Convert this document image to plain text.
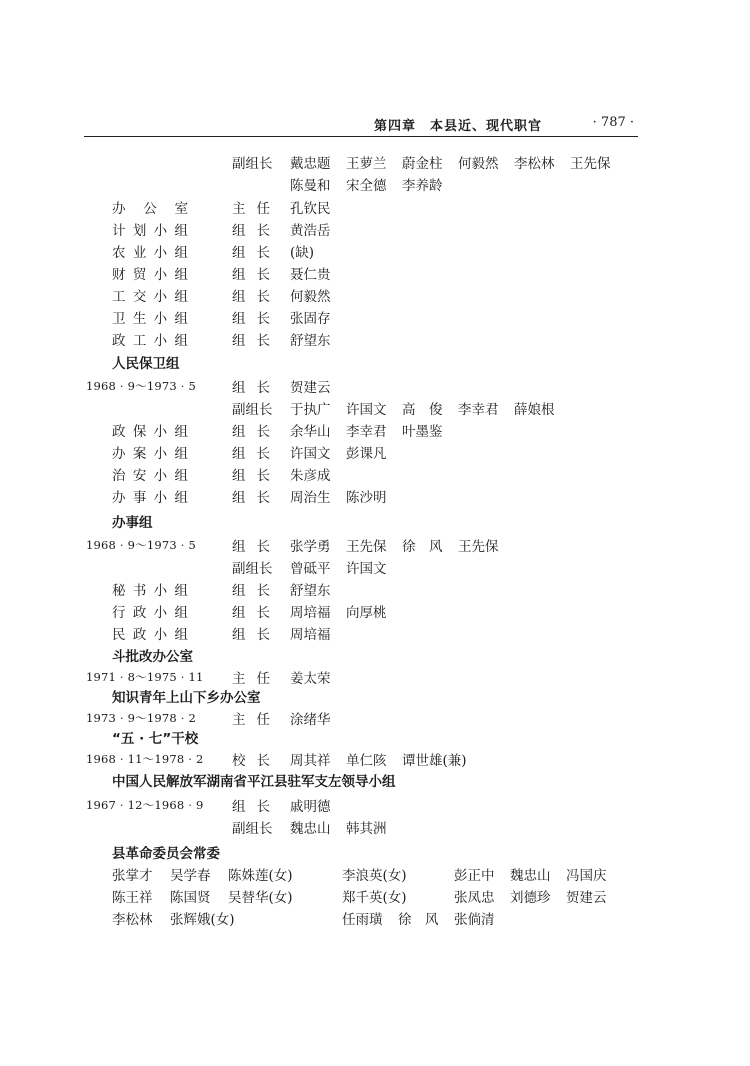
第四章　本县近、现代职官	· 787 ·
副组长 戴忠题 王萝兰 蔚金柱 何毅然 李松林 王先保
陈曼和 宋全德 李养龄
办公室	主任 孔钦民
计划小组	组长 黄浩岳
农业小组	组长 (缺)
财贸小组	组长 聂仁贵
工交小组	组长 何毅然
卫生小组	组长 张固存
政工小组	组长 舒望东
人民保卫组
1968 · 9～1973 · 5	组长 贺建云
副组长 于执广 许国文 高　俊 李幸君 薛娘根
政保小组	组长 余华山 李幸君 叶墨鉴
办案小组	组长 许国文 彭课凡
治安小组	组长 朱彦成
办事小组	组长 周治生 陈沙明
办事组
1968 · 9～1973 · 5	组长 张学勇 王先保 徐　风 王先保
副组长 曾砥平 许国文
秘书小组	组长 舒望东
行政小组	组长 周培福 向厚桃
民政小组	组长 周培福
斗批改办公室
1971 · 8～1975 · 11 主任 姜太荣
知识青年上山下乡办公室
1973 · 9～1978 · 2	主任 涂绪华
“五 · 七”干校
1968 · 11～1978 · 2 校长 周其祥 单仁陔 谭世雄(兼)
中国人民解放军湖南省平江县驻军支左领导小组
1967 · 12～1968 · 9 组长 戚明德
副组长 魏忠山 韩其洲
县革命委员会常委
张掌才 吴学春 陈姝莲(女)	李浪英(女)	彭正中 魏忠山 冯国庆
陈王祥 陈国贤 吴替华(女)	郑千英(女)	张凤忠 刘德珍 贺建云
李松林 张辉娥(女)	任雨璜 徐　风 张倘清
